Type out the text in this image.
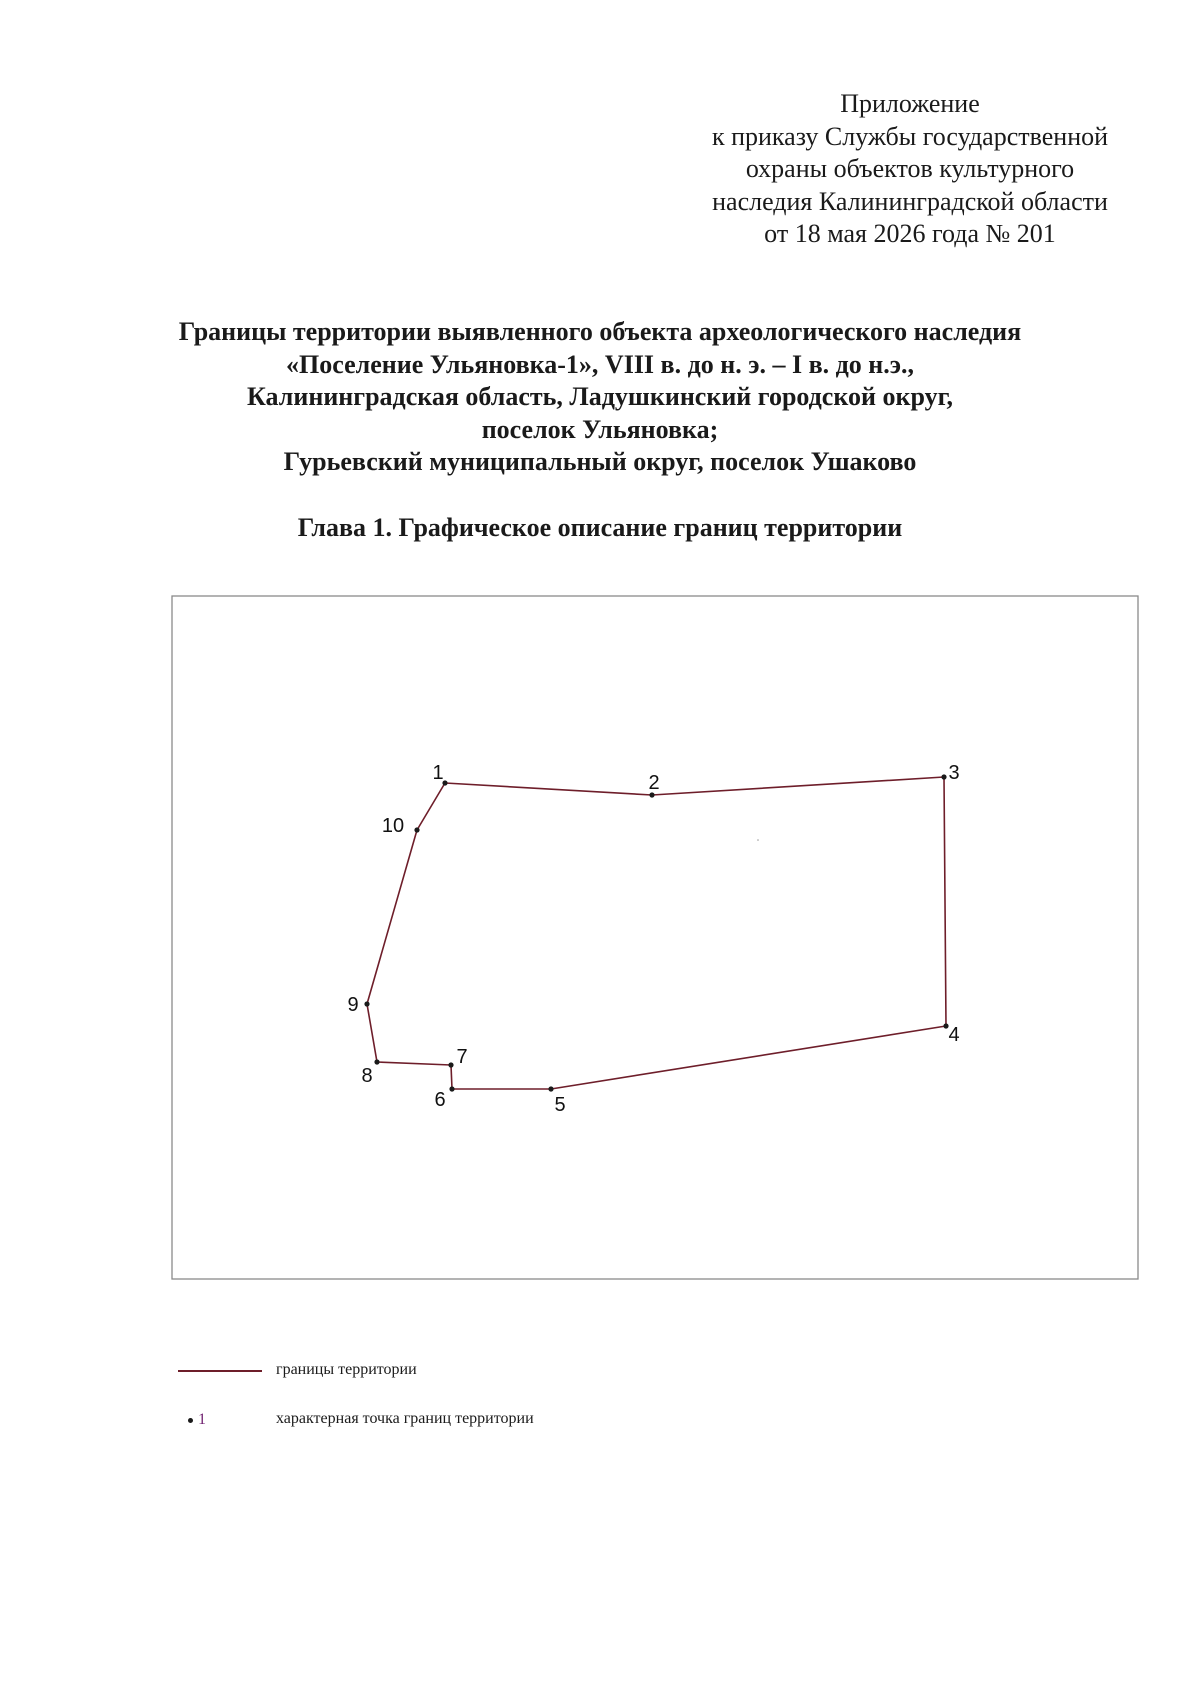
Приложение
к приказу Службы государственной
охраны объектов культурного
наследия Калининградской области
от 18 мая 2026 года № 201
Границы территории выявленного объекта археологического наследия
«Поселение Ульяновка-1», VIII в. до н. э. – I в. до н.э.,
Калининградская область, Ладушкинский городской округ,
поселок Ульяновка;
Гурьевский муниципальный округ, поселок Ушаково
Глава 1. Графическое описание границ территории
1	2	3
4
5
6
7
8
9
10
границы территории
1	характерная точка границ территории
